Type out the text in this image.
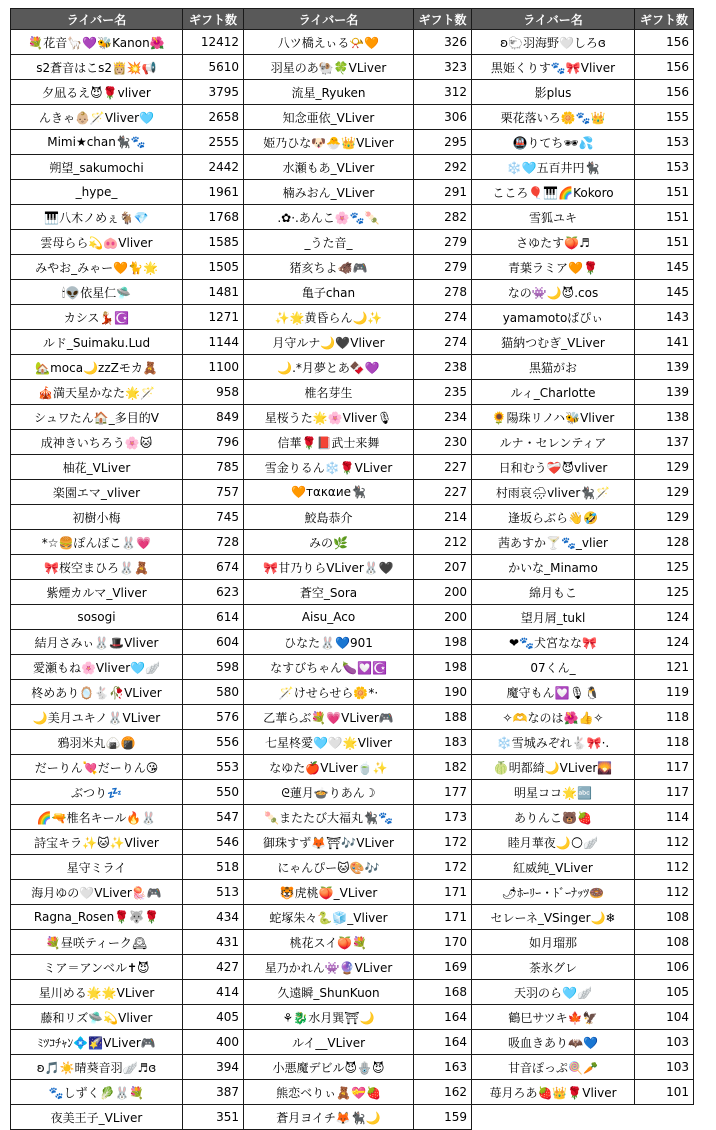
ライバー名	ギフト数
💐花音🦙💜🐝Kanon🌺	12412
s2蒼音はこs2👸🏼💥📢	5610
夕凪るえ😈🌹vliver	3795
んきゃ👶🏼🪄Vliver🩵	2658
Mimi★chan🐈‍⬛🐾	2555
朔望_sakumochi	2442
_hype_	1961
🎹八木ノめぇ🐐💎	1768
雲母らら💫🐽Vliver	1585
みやお_みゃー🧡🐈🌟	1505
🕯👽依星仁🛸	1481
カシス💃🏼☪️	1271
ルド_Suimaku.Lud	1144
🏡moca🌙zzZモカ🧸	1100
🎪満天星かなた🌟🪄	958
シュワたん🏠_多目的V	849
成神きいちろう🌸🐱	796
柚花_VLiver	785
楽園エマ_vliver	757
初樹小梅	745
*☆🍔ぽんぽこ🐰💗	728
🎀桜空まひろ🐰🧸	674
紫煙カルマ_Vliver	623
sosogi	614
結月さみぃ🐰🎩Vliver	604
愛瀬もね🌸Vliver🩵🪽	598
柊めあり🪞🐇🥀VLiver	580
🌙美月ユキノ🐰VLiver	576
鴉羽米丸🍙🍘	556
だーりん💘だーりん😘	553
ぶつり💤	550
🌈🔫椎名キール🔥🐰	547
詩宝キラ✨🐱✨Vliver	546
星守ミライ	518
海月ゆの🤍VLiver🪼🎮	513
Ragna_Rosen🌹🐺🌹	434
💐昼咲ティーク🕰	431
ミア＝アンベル✝😈	427
星川める🌟🌟VLiver	414
藤和リズ🛸💫Vliver	405
ﾐﾂｺﾁｬﾝ💠🌠VLiver🎮	400
ʚ🎵☀️晴葵音羽🪽♬ɞ	394
🐾しずく🥬🐰💐	387
夜美王子_VLiver	351
ライバー名	ギフト数
八ツ橋えぃる📯🧡	326
羽星のあ🐏🍀VLiver	323
流星_Ryuken	312
知念亜依_VLiver	306
姫乃ひな🐶🐣👑VLiver	295
水瀬もあ_VLiver	292
楠みおん_VLiver	291
.✿·.あんこ🌸🐾🍡	282
_うた音_	279
猪亥ちよ🐗🎮	279
亀子chan	278
✨🌟黄昏らん🌙✨	274
月守ルナ🌙🖤Vliver	274
🌙.*月夢とあ🍫💜	238
椎名芽生	235
星桜うた🌟🌸Vliver🎙	234
信華🌹📕武士来舞	230
雪金りるん❄️🌹VLiver	227
🧡тακαие🐈‍⬛	227
鮫島恭介	214
みの🌿	212
🎀甘乃りらVLiver🐰🖤	207
蒼空_Sora	200
Aisu_Aco	200
ひなた🐰💙901	198
なすびちゃん🍆💟☪️	198
🪄けせらせら🌼*·	190
乙華らぶ💐💗VLiver🎮	188
七星柊愛🩵🤍🌟Vliver	183
なゆた🍎VLiver🍵✨	182
ᘓ蓮月🍲りあん☽	177
🍡またたび大福丸🐈‍⬛🐾	173
御珠すず🦊⛩🎶VLiver	172
にゃんぴー🐱🎨🎶	172
🐯虎桃🍑_VLiver	171
蛇塚朱々🐍🧊_Vliver	171
桃花スイ🍑💐	170
星乃かれん👾🔮VLiver	169
久遠瞬_ShunKuon	168
⚘🐉水月巽⛩🌙	164
ルイ__VLiver	164
小悪魔デビル😈🪬😈	163
熊恋ベりぃ🧸💝🍓	162
蒼月ヨイチ🦊🐈‍⬛🌙	159
ライバー名	ギフト数
ʚ🐑羽海野🤍しろɞ	156
黒姫くりす🐾🎀Vliver	156
影plus	156
栗花落いろ🌼🐾👑	155
🚇りてち🕶💦	153
❄️🩵五百井円🐈‍⬛	153
こころ🎈🎹🌈Kokoro	151
雪狐ユキ	151
さゆたす🍑♬	151
青葉ラミア🧡🌹	145
なの👾🌙😈.cos	145
yamamotoぱぴぃ	143
猫納つむぎ_VLiver	141
黒猫がお	139
ルィ_Charlotte	139
🌻陽珠リノハ🐝Vliver	138
ルナ・セレンティア	137
日和むう❤️‍🩹😈vliver	129
村雨哀🌧vliver🐈‍⬛🪄	129
逢坂らぶら👋🤣	129
茜あすか🍸🐾_vlier	128
かいな_Minamo	125
綿月もこ	125
望月屑_tukl	124
❤🐾犬宮なな🎀	124
07くん_	121
魔守もん💟🎙🐧	119
✧🫶なのは🌺👍✧	118
❄️雪城みぞれ🐇🎀·.	118
🍈明都綺🌙VLiver🌄	117
明星ココ🌟🔤	117
ありんこ🐻🍓	114
睦月華夜🌙🌕🪽	112
紅威純_VLiver	112
🌶ﾎｰﾘｰ・ﾄﾞｰﾅｯﾂ🍩	112
セレーネ_VSinger🌙❄	108
如月瑠那	108
茶氷グレ	106
天羽のら🩵🪽	105
鶴巳サツキ🍁🦅	104
吸血きあり🦇💙	103
甘音ぽっぷ🍭🥕	103
苺月ろあ🍓👑🌹Vliver	101
